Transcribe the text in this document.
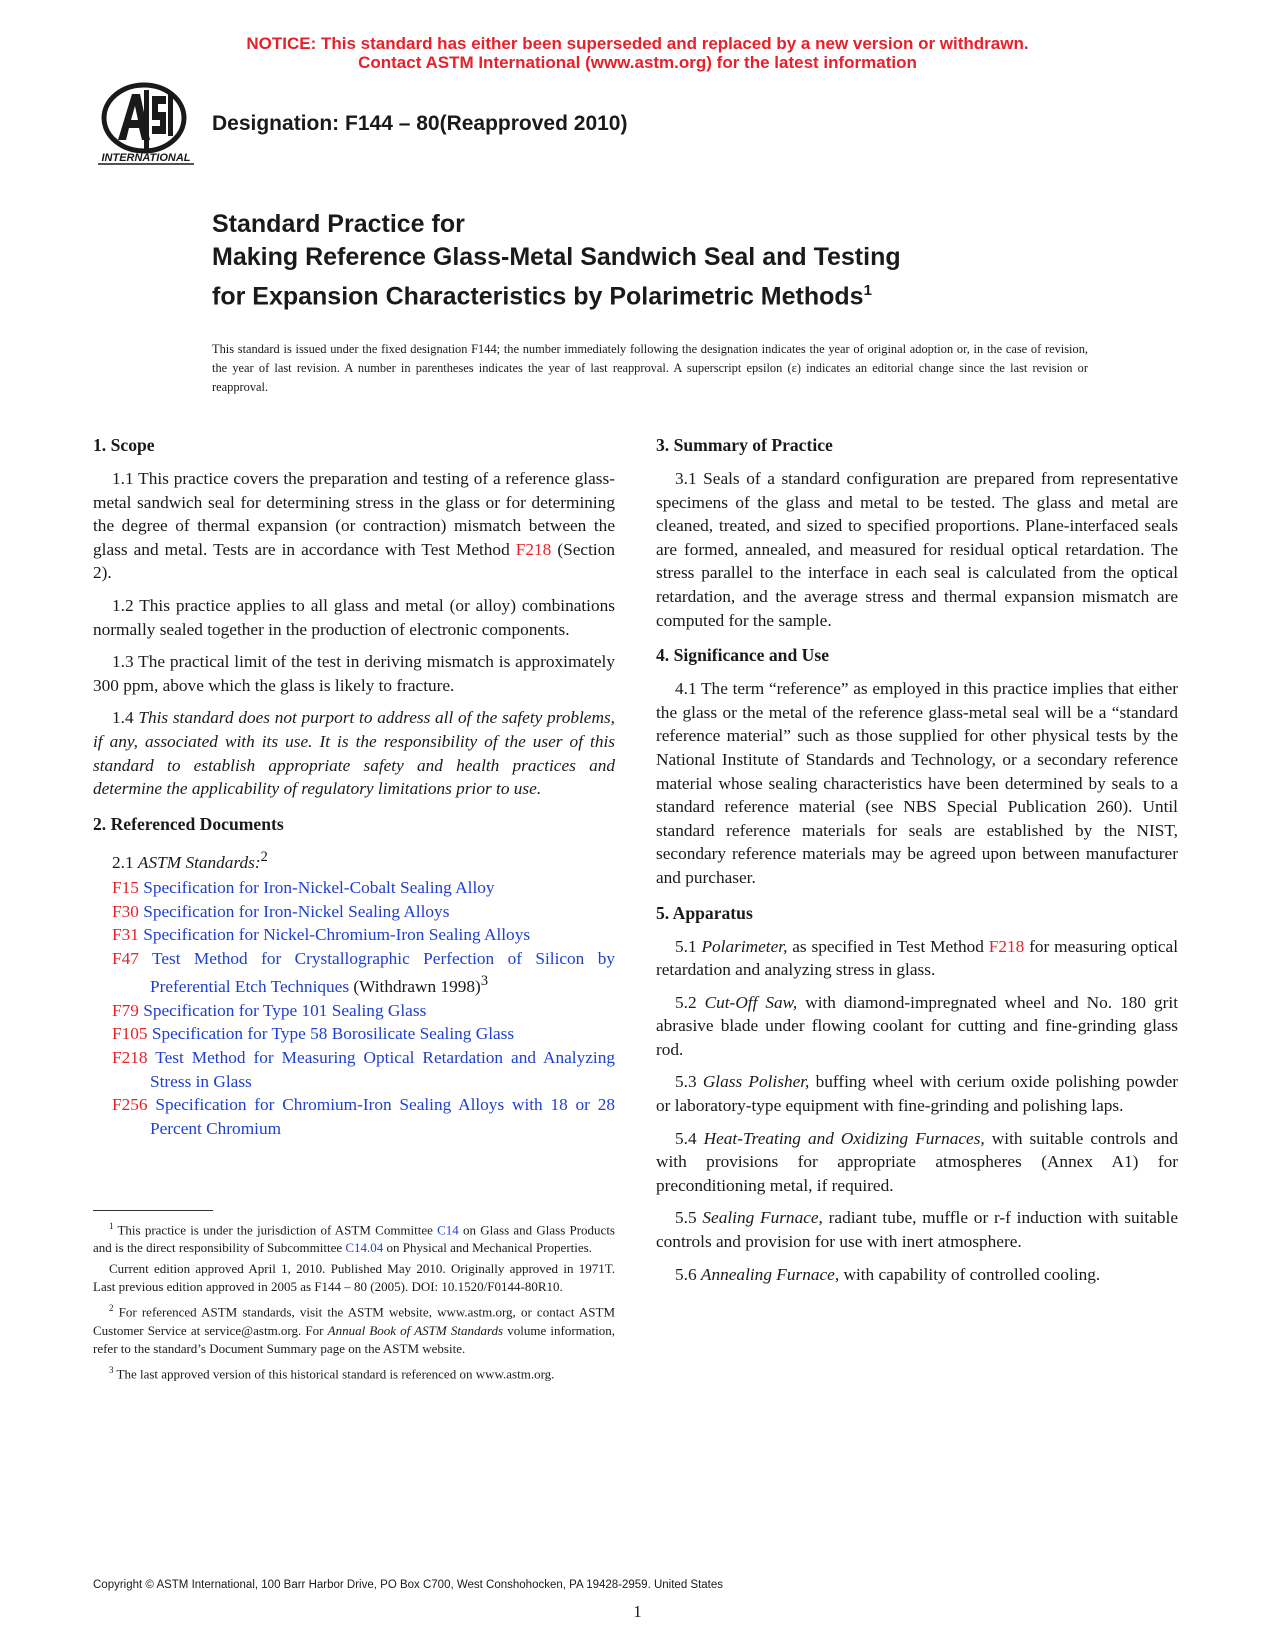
NOTICE: This standard has either been superseded and replaced by a new version or withdrawn.
Contact ASTM International (www.astm.org) for the latest information
INTERNATIONAL
Designation: F144 – 80(Reapproved 2010)
Standard Practice for
Making Reference Glass-Metal Sandwich Seal and Testing
for Expansion Characteristics by Polarimetric Methods$^1$
This standard is issued under the fixed designation F144; the number immediately following the designation indicates the year of original adoption or, in the case of revision, the year of last revision. A number in parentheses indicates the year of last reapproval. A superscript epsilon (ε) indicates an editorial change since the last revision or reapproval.
1. Scope

1.1 This practice covers the preparation and testing of a reference glass-metal sandwich seal for determining stress in the glass or for determining the degree of thermal expansion (or contraction) mismatch between the glass and metal. Tests are in accordance with Test Method F218 (Section 2).

1.2 This practice applies to all glass and metal (or alloy) combinations normally sealed together in the production of electronic components.

1.3 The practical limit of the test in deriving mismatch is approximately 300 ppm, above which the glass is likely to fracture.

1.4 This standard does not purport to address all of the safety problems, if any, associated with its use. It is the responsibility of the user of this standard to establish appropriate safety and health practices and determine the applicability of regulatory limitations prior to use.

2. Referenced Documents

2.1 ASTM Standards:$^2$

F15 Specification for Iron-Nickel-Cobalt Sealing Alloy
F30 Specification for Iron-Nickel Sealing Alloys
F31 Specification for Nickel-Chromium-Iron Sealing Alloys
F47 Test Method for Crystallographic Perfection of Silicon by Preferential Etch Techniques (Withdrawn 1998)$^3$
F79 Specification for Type 101 Sealing Glass
F105 Specification for Type 58 Borosilicate Sealing Glass
F218 Test Method for Measuring Optical Retardation and Analyzing Stress in Glass
F256 Specification for Chromium-Iron Sealing Alloys with 18 or 28 Percent Chromium

$^1$ This practice is under the jurisdiction of ASTM Committee C14 on Glass and Glass Products and is the direct responsibility of Subcommittee C14.04 on Physical and Mechanical Properties.

Current edition approved April 1, 2010. Published May 2010. Originally approved in 1971T. Last previous edition approved in 2005 as F144 – 80 (2005). DOI: 10.1520/F0144-80R10.

$^2$ For referenced ASTM standards, visit the ASTM website, www.astm.org, or contact ASTM Customer Service at service@astm.org. For Annual Book of ASTM Standards volume information, refer to the standard’s Document Summary page on the ASTM website.

$^3$ The last approved version of this historical standard is referenced on www.astm.org.

3. Summary of Practice

3.1 Seals of a standard configuration are prepared from representative specimens of the glass and metal to be tested. The glass and metal are cleaned, treated, and sized to specified proportions. Plane-interfaced seals are formed, annealed, and measured for residual optical retardation. The stress parallel to the interface in each seal is calculated from the optical retardation, and the average stress and thermal expansion mismatch are computed for the sample.

4. Significance and Use

4.1 The term “reference” as employed in this practice implies that either the glass or the metal of the reference glass-metal seal will be a “standard reference material” such as those supplied for other physical tests by the National Institute of Standards and Technology, or a secondary reference material whose sealing characteristics have been determined by seals to a standard reference material (see NBS Special Publication 260). Until standard reference materials for seals are established by the NIST, secondary reference materials may be agreed upon between manufacturer and purchaser.

5. Apparatus

5.1 Polarimeter, as specified in Test Method F218 for measuring optical retardation and analyzing stress in glass.

5.2 Cut-Off Saw, with diamond-impregnated wheel and No. 180 grit abrasive blade under flowing coolant for cutting and fine-grinding glass rod.

5.3 Glass Polisher, buffing wheel with cerium oxide polishing powder or laboratory-type equipment with fine-grinding and polishing laps.

5.4 Heat-Treating and Oxidizing Furnaces, with suitable controls and with provisions for appropriate atmospheres (Annex A1) for preconditioning metal, if required.

5.5 Sealing Furnace, radiant tube, muffle or r-f induction with suitable controls and provision for use with inert atmosphere.

5.6 Annealing Furnace, with capability of controlled cooling.

Copyright © ASTM International, 100 Barr Harbor Drive, PO Box C700, West Conshohocken, PA 19428-2959. United States
1
